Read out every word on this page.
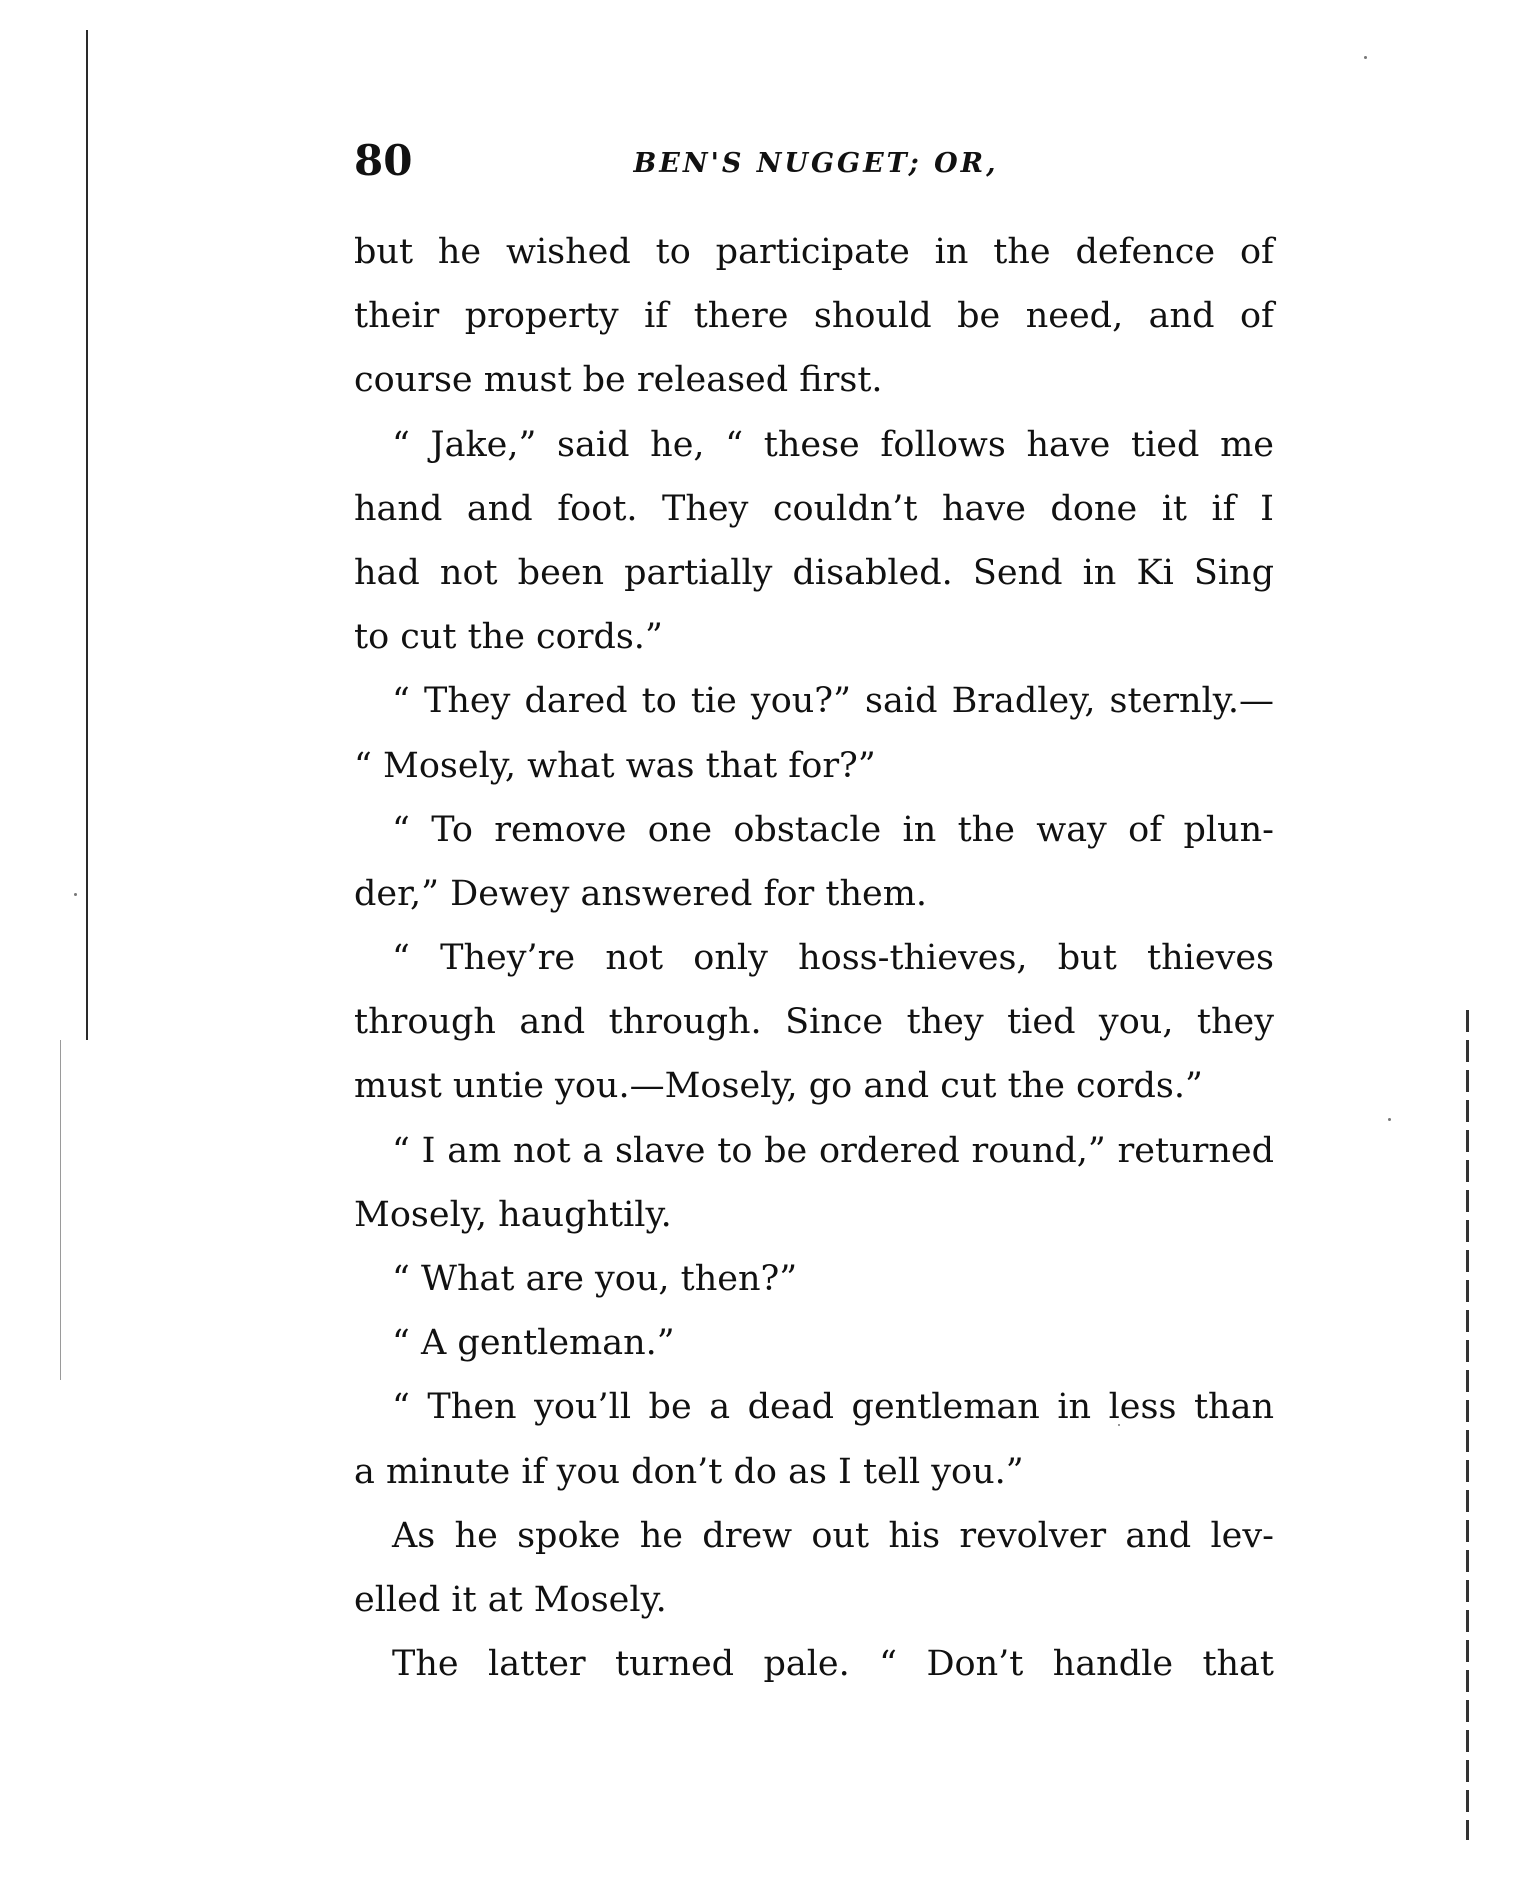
80	BEN'S NUGGET; OR,
but he wished to participate in the defence of
their property if there should be need, and of
course must be released first.
“ Jake,” said he, “ these follows have tied me
hand and foot. They couldn’t have done it if I
had not been partially disabled. Send in Ki Sing
to cut the cords.”
“ They dared to tie you?” said Bradley, sternly.—
“ Mosely, what was that for?”
“ To remove one obstacle in the way of plun-
der,” Dewey answered for them.
“ They’re not only hoss-thieves, but thieves
through and through. Since they tied you, they
must untie you.—Mosely, go and cut the cords.”
“ I am not a slave to be ordered round,” returned
Mosely, haughtily.
“ What are you, then?”
“ A gentleman.”
“ Then you’ll be a dead gentleman in less than
a minute if you don’t do as I tell you.”
As he spoke he drew out his revolver and lev-
elled it at Mosely.
The latter turned pale. “ Don’t handle that
